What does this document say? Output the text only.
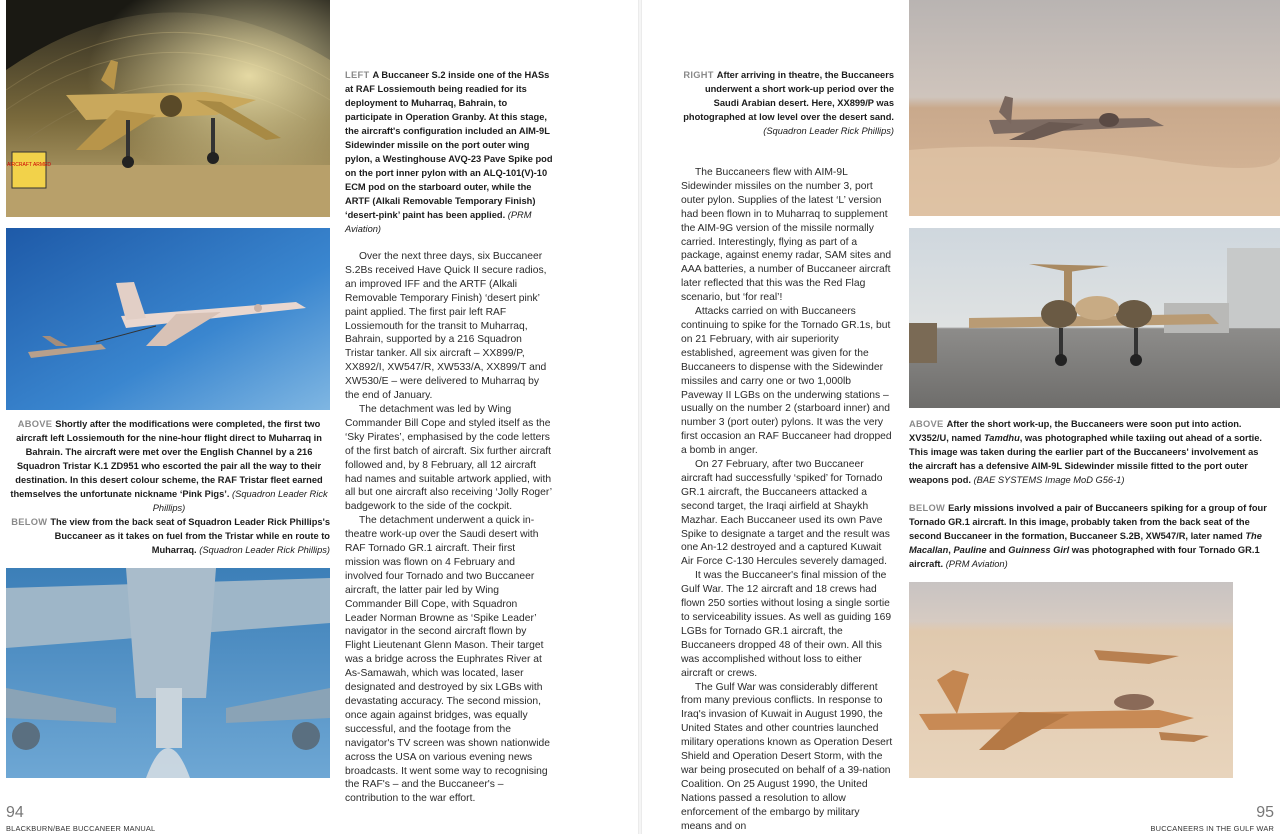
AIRCRAFT ARMED
LEFT A Buccaneer S.2 inside one of the HASs at RAF Lossiemouth being readied for its deployment to Muharraq, Bahrain, to participate in Operation Granby. At this stage, the aircraft's configuration included an AIM-9L Sidewinder missile on the port outer wing pylon, a Westinghouse AVQ-23 Pave Spike pod on the port inner pylon with an ALQ-101(V)-10 ECM pod on the starboard outer, while the ARTF (Alkali Removable Temporary Finish) ‘desert-pink’ paint has been applied. (PRM Aviation)
ABOVE Shortly after the modifications were completed, the first two aircraft left Lossiemouth for the nine-hour flight direct to Muharraq in Bahrain. The aircraft were met over the English Channel by a 216 Squadron Tristar K.1 ZD951 who escorted the pair all the way to their destination. In this desert colour scheme, the RAF Tristar fleet earned themselves the unfortunate nickname ‘Pink Pigs’. (Squadron Leader Rick Phillips)
BELOW The view from the back seat of Squadron Leader Rick Phillips's Buccaneer as it takes on fuel from the Tristar while en route to Muharraq. (Squadron Leader Rick Phillips)

Over the next three days, six Buccaneer S.2Bs received Have Quick II secure radios, an improved IFF and the ARTF (Alkali Removable Temporary Finish) ‘desert pink’ paint applied. The first pair left RAF Lossiemouth for the transit to Muharraq, Bahrain, supported by a 216 Squadron Tristar tanker. All six aircraft – XX899/P, XX892/I, XW547/R, XW533/A, XX899/T and XW530/E – were delivered to Muharraq by the end of January.

The detachment was led by Wing Commander Bill Cope and styled itself as the ‘Sky Pirates’, emphasised by the code letters of the first batch of aircraft. Six further aircraft followed and, by 8 February, all 12 aircraft had names and suitable artwork applied, with all but one aircraft also receiving ‘Jolly Roger’ badgework to the side of the cockpit.

The detachment underwent a quick in-theatre work-up over the Saudi desert with RAF Tornado GR.1 aircraft. Their first mission was flown on 4 February and involved four Tornado and two Buccaneer aircraft, the latter pair led by Wing Commander Bill Cope, with Squadron Leader Norman Browne as ‘Spike Leader’ navigator in the second aircraft flown by Flight Lieutenant Glenn Mason. Their target was a bridge across the Euphrates River at As-Samawah, which was located, laser designated and destroyed by six LGBs with devastating accuracy. The second mission, once again against bridges, was equally successful, and the footage from the navigator's TV screen was shown nationwide across the USA on various evening news broadcasts. It went some way to recognising the RAF's – and the Buccaneer's – contribution to the war effort.

94
BLACKBURN/BAE BUCCANEER MANUAL
RIGHT After arriving in theatre, the Buccaneers underwent a short work-up period over the Saudi Arabian desert. Here, XX899/P was photographed at low level over the desert sand. (Squadron Leader Rick Phillips)
ABOVE After the short work-up, the Buccaneers were soon put into action. XV352/U, named Tamdhu, was photographed while taxiing out ahead of a sortie. This image was taken during the earlier part of the Buccaneers' involvement as the aircraft has a defensive AIM-9L Sidewinder missile fitted to the port outer weapons pod. (BAE SYSTEMS Image MoD G56-1)
BELOW Early missions involved a pair of Buccaneers spiking for a group of four Tornado GR.1 aircraft. In this image, probably taken from the back seat of the second Buccaneer in the formation, Buccaneer S.2B, XW547/R, later named The Macallan, Pauline and Guinness Girl was photographed with four Tornado GR.1 aircraft. (PRM Aviation)

The Buccaneers flew with AIM-9L Sidewinder missiles on the number 3, port outer pylon. Supplies of the latest ‘L’ version had been flown in to Muharraq to supplement the AIM-9G version of the missile normally carried. Interestingly, flying as part of a package, against enemy radar, SAM sites and AAA batteries, a number of Buccaneer aircraft later reflected that this was the Red Flag scenario, but ‘for real’!

Attacks carried on with Buccaneers continuing to spike for the Tornado GR.1s, but on 21 February, with air superiority established, agreement was given for the Buccaneers to dispense with the Sidewinder missiles and carry one or two 1,000lb Paveway II LGBs on the underwing stations – usually on the number 2 (starboard inner) and number 3 (port outer) pylons. It was the very first occasion an RAF Buccaneer had dropped a bomb in anger.

On 27 February, after two Buccaneer aircraft had successfully ‘spiked’ for Tornado GR.1 aircraft, the Buccaneers attacked a second target, the Iraqi airfield at Shaykh Mazhar. Each Buccaneer used its own Pave Spike to designate a target and the result was one An-12 destroyed and a captured Kuwait Air Force C-130 Hercules severely damaged.

It was the Buccaneer's final mission of the Gulf War. The 12 aircraft and 18 crews had flown 250 sorties without losing a single sortie to serviceability issues. As well as guiding 169 LGBs for Tornado GR.1 aircraft, the Buccaneers dropped 48 of their own. All this was accomplished without loss to either aircraft or crews.

The Gulf War was considerably different from many previous conflicts. In response to Iraq's invasion of Kuwait in August 1990, the United States and other countries launched military operations known as Operation Desert Shield and Operation Desert Storm, with the war being prosecuted on behalf of a 39-nation Coalition. On 25 August 1990, the United Nations passed a resolution to allow enforcement of the embargo by military means and on

95
BUCCANEERS IN THE GULF WAR
